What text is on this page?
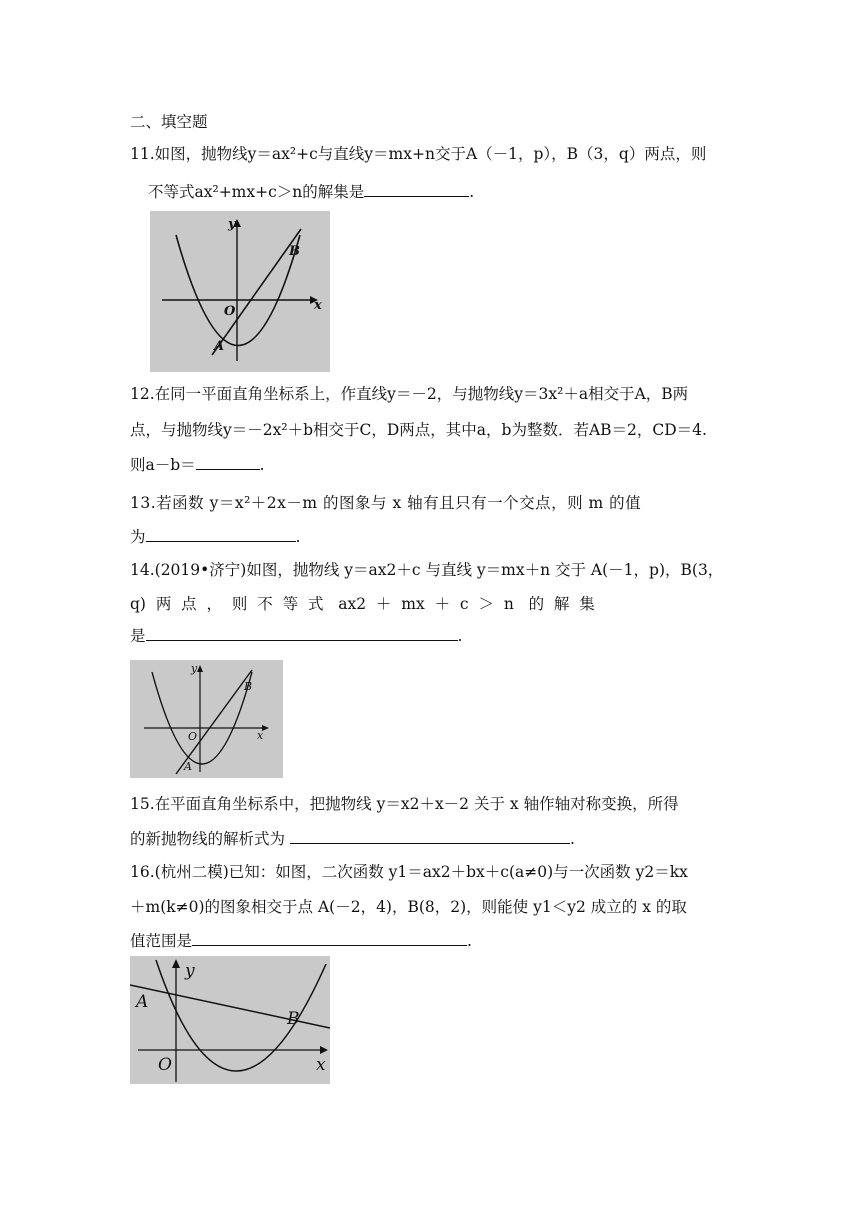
二、填空题
11.如图，抛物线y＝ax²+c与直线y＝mx+n交于A（－1，p），B（3，q）两点，则
不等式ax²+mx+c＞n的解集是	.
y
x
O
A
B
12.在同一平面直角坐标系上，作直线y＝－2，与抛物线y＝3x²＋a相交于A，B两
点，与抛物线y＝－2x²＋b相交于C，D两点，其中a，b为整数．若AB＝2，CD＝4.
则a－b＝	.
13.若函数 y＝x²＋2x－m 的图象与 x 轴有且只有一个交点，则 m 的值
为	.
14.(2019•济宁)如图，抛物线 y＝ax2＋c 与直线 y＝mx＋n 交于 A(－1，p)，B(3，
q)  两  点  ，  则  不  等  式   ax2  ＋  mx  ＋  c  ＞  n   的  解  集
是	.
y
x
O
A
B
15.在平面直角坐标系中，把抛物线 y＝x2＋x－2 关于 x 轴作轴对称变换，所得
的新抛物线的解析式为	.
16.(杭州二模)已知：如图，二次函数 y1＝ax2＋bx＋c(a≠0)与一次函数 y2＝kx
＋m(k≠0)的图象相交于点 A(－2，4)，B(8，2)，则能使 y1＜y2 成立的 x 的取
值范围是	.
y
x
O
A
B
